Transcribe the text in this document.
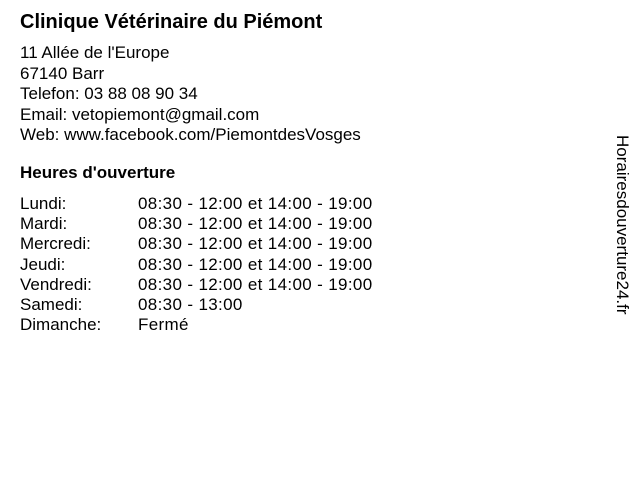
Clinique Vétérinaire du Piémont
11 Allée de l'Europe
67140 Barr
Telefon: 03 88 08 90 34
Email: vetopiemont@gmail.com
Web: www.facebook.com/PiemontdesVosges
Heures d'ouverture
Lundi:	08:30 - 12:00 et 14:00 - 19:00
Mardi:	08:30 - 12:00 et 14:00 - 19:00
Mercredi:	08:30 - 12:00 et 14:00 - 19:00
Jeudi:	08:30 - 12:00 et 14:00 - 19:00
Vendredi:	08:30 - 12:00 et 14:00 - 19:00
Samedi:	08:30 - 13:00
Dimanche: Fermé
Horairesdouverture24.fr
